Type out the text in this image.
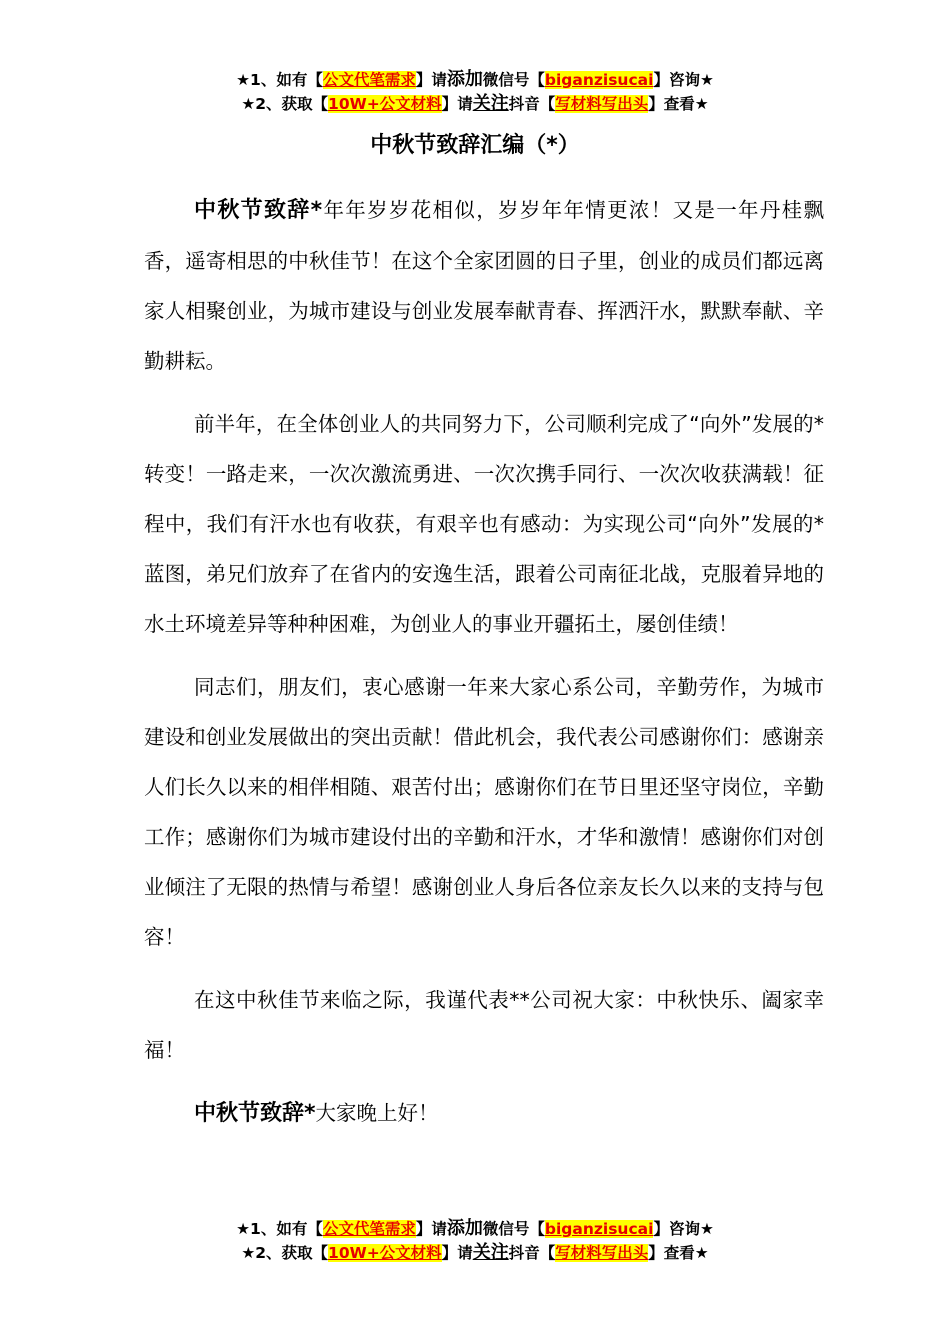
★1、如有【公文代笔需求】请添加微信号【biganzisucai】咨询★
★2、获取【10W+公文材料】请关注抖音【写材料写出头】查看★
中秋节致辞汇编（*）

中秋节致辞*年年岁岁花相似，岁岁年年情更浓！又是一年丹桂飘香，遥寄相思的中秋佳节！在这个全家团圆的日子里，创业的成员们都远离家人相聚创业，为城市建设与创业发展奉献青春、挥洒汗水，默默奉献、辛勤耕耘。

前半年，在全体创业人的共同努力下，公司顺利完成了“向外”发展的*转变！一路走来，一次次激流勇进、一次次携手同行、一次次收获满载！征程中，我们有汗水也有收获，有艰辛也有感动：为实现公司“向外”发展的*蓝图，弟兄们放弃了在省内的安逸生活，跟着公司南征北战，克服着异地的水土环境差异等种种困难，为创业人的事业开疆拓土，屡创佳绩！

同志们，朋友们，衷心感谢一年来大家心系公司，辛勤劳作，为城市建设和创业发展做出的突出贡献！借此机会，我代表公司感谢你们：感谢亲人们长久以来的相伴相随、艰苦付出；感谢你们在节日里还坚守岗位，辛勤工作；感谢你们为城市建设付出的辛勤和汗水，才华和激情！感谢你们对创业倾注了无限的热情与希望！感谢创业人身后各位亲友长久以来的支持与包容！

在这中秋佳节来临之际，我谨代表**公司祝大家：中秋快乐、阖家幸福！

中秋节致辞*大家晚上好！

★1、如有【公文代笔需求】请添加微信号【biganzisucai】咨询★
★2、获取【10W+公文材料】请关注抖音【写材料写出头】查看★
